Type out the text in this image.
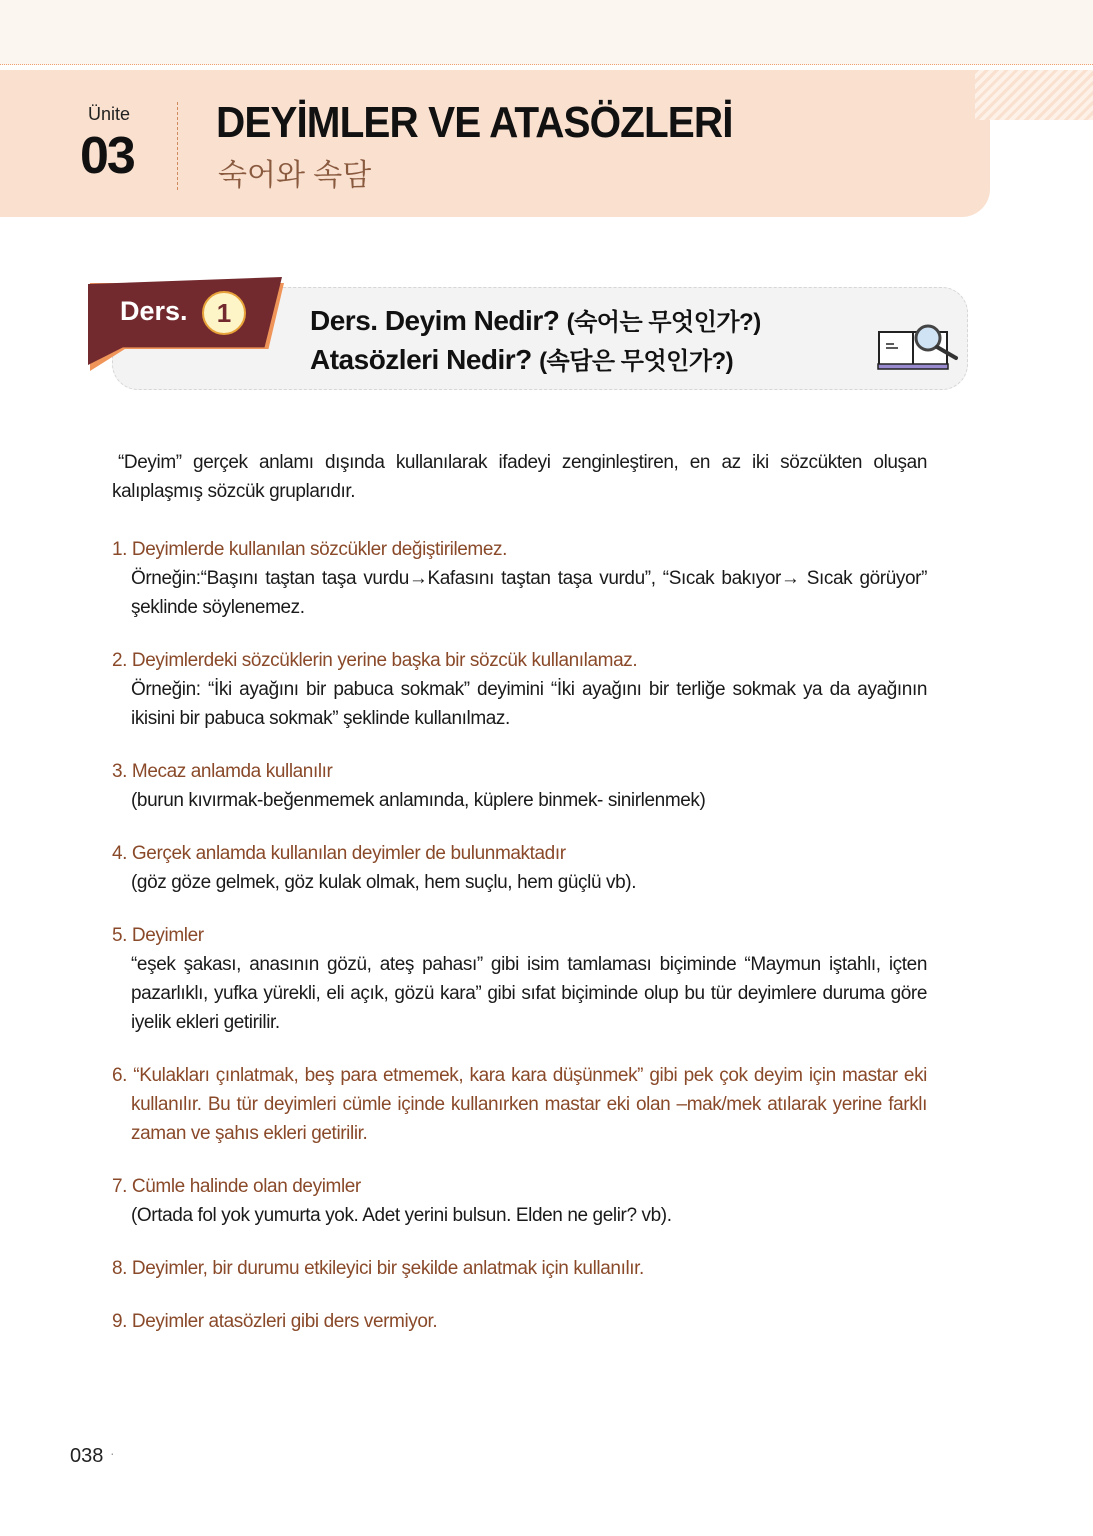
Ünite
03
DEYİMLER VE ATASÖZLERİ
숙어와 속담
Ders.	1	Ders. Deyim Nedir? (숙어는 무엇인가?)
Atasözleri Nedir? (속담은 무엇인가?)

“Deyim” gerçek anlamı dışında kullanılarak ifadeyi zenginleştiren, en az iki sözcükten oluşan kalıplaşmış sözcük gruplarıdır.

1. Deyimlerde kullanılan sözcükler değiştirilemez.
Örneğin:“Başını taştan taşa vurdu→Kafasını taştan taşa vurdu”, “Sıcak bakıyor→ Sıcak görüyor” şeklinde söylenemez.
2. Deyimlerdeki sözcüklerin yerine başka bir sözcük kullanılamaz.
Örneğin: “İki ayağını bir pabuca sokmak” deyimini “İki ayağını bir terliğe sokmak ya da ayağının ikisini bir pabuca sokmak” şeklinde kullanılmaz.
3. Mecaz anlamda kullanılır
(burun kıvırmak-beğenmemek anlamında, küplere binmek- sinirlenmek)
4. Gerçek anlamda kullanılan deyimler de bulunmaktadır
(göz göze gelmek, göz kulak olmak, hem suçlu, hem güçlü vb).
5. Deyimler
“eşek şakası, anasının gözü, ateş pahası” gibi isim tamlaması biçiminde “Maymun iştahlı, içten pazarlıklı, yufka yürekli, eli açık, gözü kara” gibi sıfat biçiminde olup bu tür deyimlere duruma göre iyelik ekleri getirilir.
6. “Kulakları çınlatmak, beş para etmemek, kara kara düşünmek” gibi pek çok deyim için mastar eki kullanılır. Bu tür deyimleri cümle içinde kullanırken mastar eki olan –mak/mek atılarak yerine farklı zaman ve şahıs ekleri getirilir.
7. Cümle halinde olan deyimler
(Ortada fol yok yumurta yok. Adet yerini bulsun. Elden ne gelir? vb).
8. Deyimler, bir durumu etkileyici bir şekilde anlatmak için kullanılır.
9. Deyimler atasözleri gibi ders vermiyor.
038 ·
